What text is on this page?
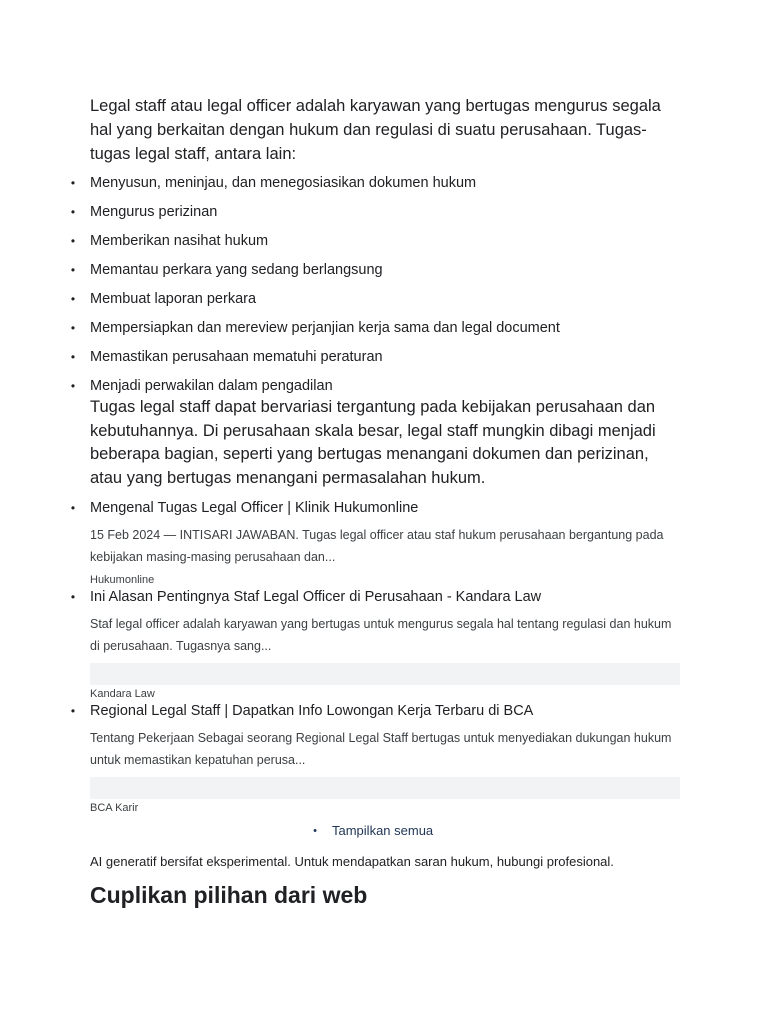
Legal staff atau legal officer adalah karyawan yang bertugas mengurus segala hal yang berkaitan dengan hukum dan regulasi di suatu perusahaan. Tugas-tugas legal staff, antara lain:

• Menyusun, meninjau, dan menegosiasikan dokumen hukum
• Mengurus perizinan
• Memberikan nasihat hukum
• Memantau perkara yang sedang berlangsung
• Membuat laporan perkara
• Mempersiapkan dan mereview perjanjian kerja sama dan legal document
• Memastikan perusahaan mematuhi peraturan
• Menjadi perwakilan dalam pengadilan

Tugas legal staff dapat bervariasi tergantung pada kebijakan perusahaan dan kebutuhannya. Di perusahaan skala besar, legal staff mungkin dibagi menjadi beberapa bagian, seperti yang bertugas menangani dokumen dan perizinan, atau yang bertugas menangani permasalahan hukum.

• Mengenal Tugas Legal Officer | Klinik Hukumonline

15 Feb 2024 — INTISARI JAWABAN. Tugas legal officer atau staf hukum perusahaan bergantung pada kebijakan masing-masing perusahaan dan...

Hukumonline
• Ini Alasan Pentingnya Staf Legal Officer di Perusahaan - Kandara Law

Staf legal officer adalah karyawan yang bertugas untuk mengurus segala hal tentang regulasi dan hukum di perusahaan. Tugasnya sang...

Kandara Law
• Regional Legal Staff | Dapatkan Info Lowongan Kerja Terbaru di BCA

Tentang Pekerjaan Sebagai seorang Regional Legal Staff bertugas untuk menyediakan dukungan hukum untuk memastikan kepatuhan perusa...

BCA Karir
• Tampilkan semua

AI generatif bersifat eksperimental. Untuk mendapatkan saran hukum, hubungi profesional.

Cuplikan pilihan dari web
